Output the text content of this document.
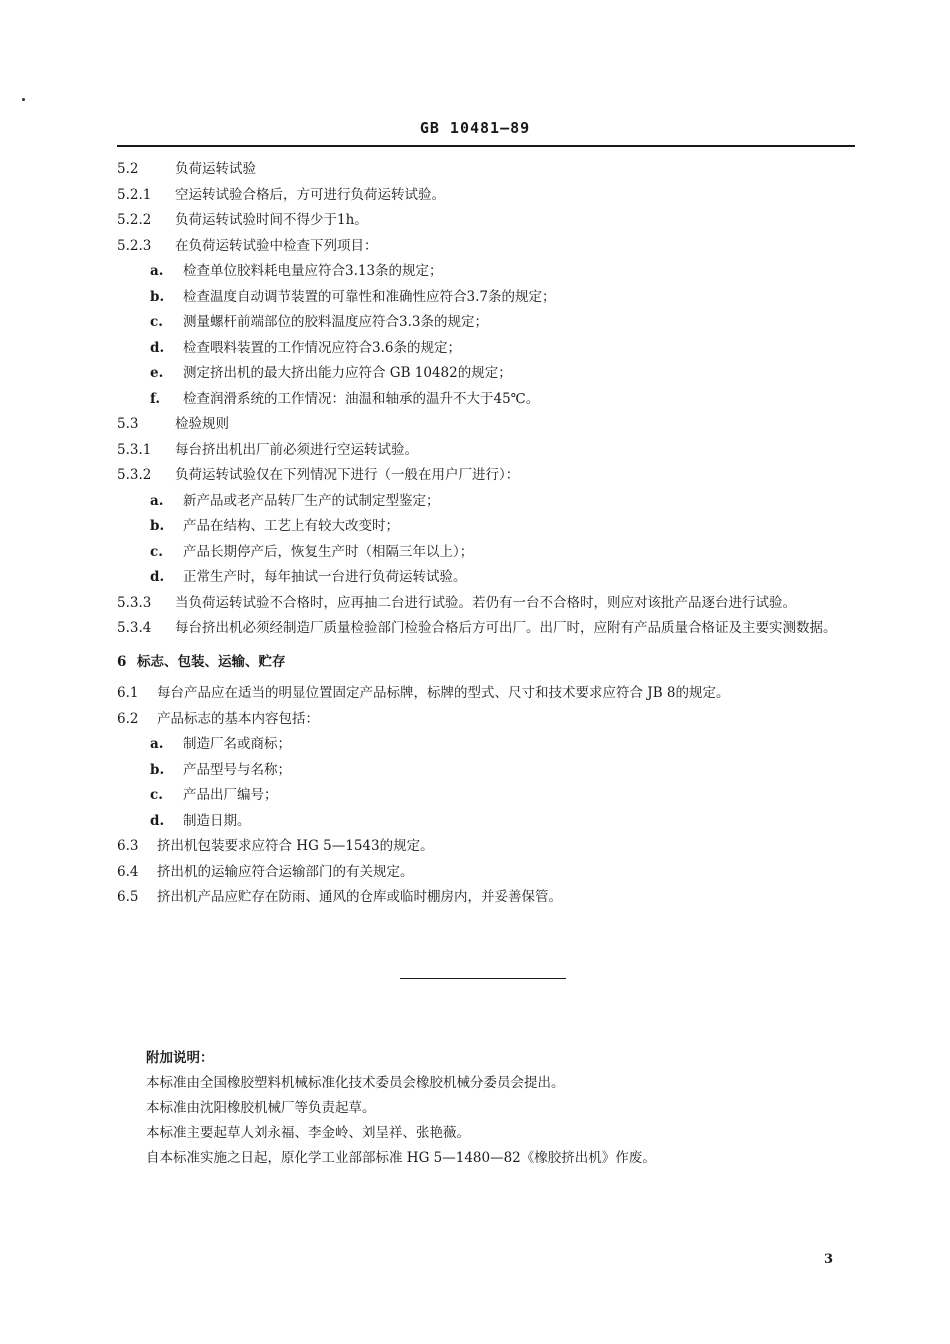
GB 10481—89
5.2	负荷运转试验
5.2.1 空运转试验合格后，方可进行负荷运转试验。
5.2.2 负荷运转试验时间不得少于1h。
5.2.3 在负荷运转试验中检查下列项目：
a. 检查单位胶料耗电量应符合3.13条的规定；
b. 检查温度自动调节装置的可靠性和准确性应符合3.7条的规定；
c. 测量螺杆前端部位的胶料温度应符合3.3条的规定；
d. 检查喂料装置的工作情况应符合3.6条的规定；
e. 测定挤出机的最大挤出能力应符合 GB 10482的规定；
f. 检查润滑系统的工作情况：油温和轴承的温升不大于45℃。
5.3	检验规则
5.3.1 每台挤出机出厂前必须进行空运转试验。
5.3.2 负荷运转试验仅在下列情况下进行（一般在用户厂进行）：
a. 新产品或老产品转厂生产的试制定型鉴定；
b. 产品在结构、工艺上有较大改变时；
c. 产品长期停产后，恢复生产时（相隔三年以上）；
d. 正常生产时，每年抽试一台进行负荷运转试验。
5.3.3 当负荷运转试验不合格时，应再抽二台进行试验。若仍有一台不合格时，则应对该批产品逐台进行试验。
5.3.4 每台挤出机必须经制造厂质量检验部门检验合格后方可出厂。出厂时，应附有产品质量合格证及主要实测数据。
6 标志、包装、运输、贮存
6.1 每台产品应在适当的明显位置固定产品标牌，标牌的型式、尺寸和技术要求应符合 JB 8的规定。
6.2 产品标志的基本内容包括：
a. 制造厂名或商标；
b. 产品型号与名称；
c. 产品出厂编号；
d. 制造日期。
6.3 挤出机包装要求应符合 HG 5—1543的规定。
6.4 挤出机的运输应符合运输部门的有关规定。
6.5 挤出机产品应贮存在防雨、通风的仓库或临时棚房内，并妥善保管。
附加说明：
本标准由全国橡胶塑料机械标准化技术委员会橡胶机械分委员会提出。
本标准由沈阳橡胶机械厂等负责起草。
本标准主要起草人刘永福、李金岭、刘呈祥、张艳薇。
自本标准实施之日起，原化学工业部部标准 HG 5—1480—82《橡胶挤出机》作废。
3
